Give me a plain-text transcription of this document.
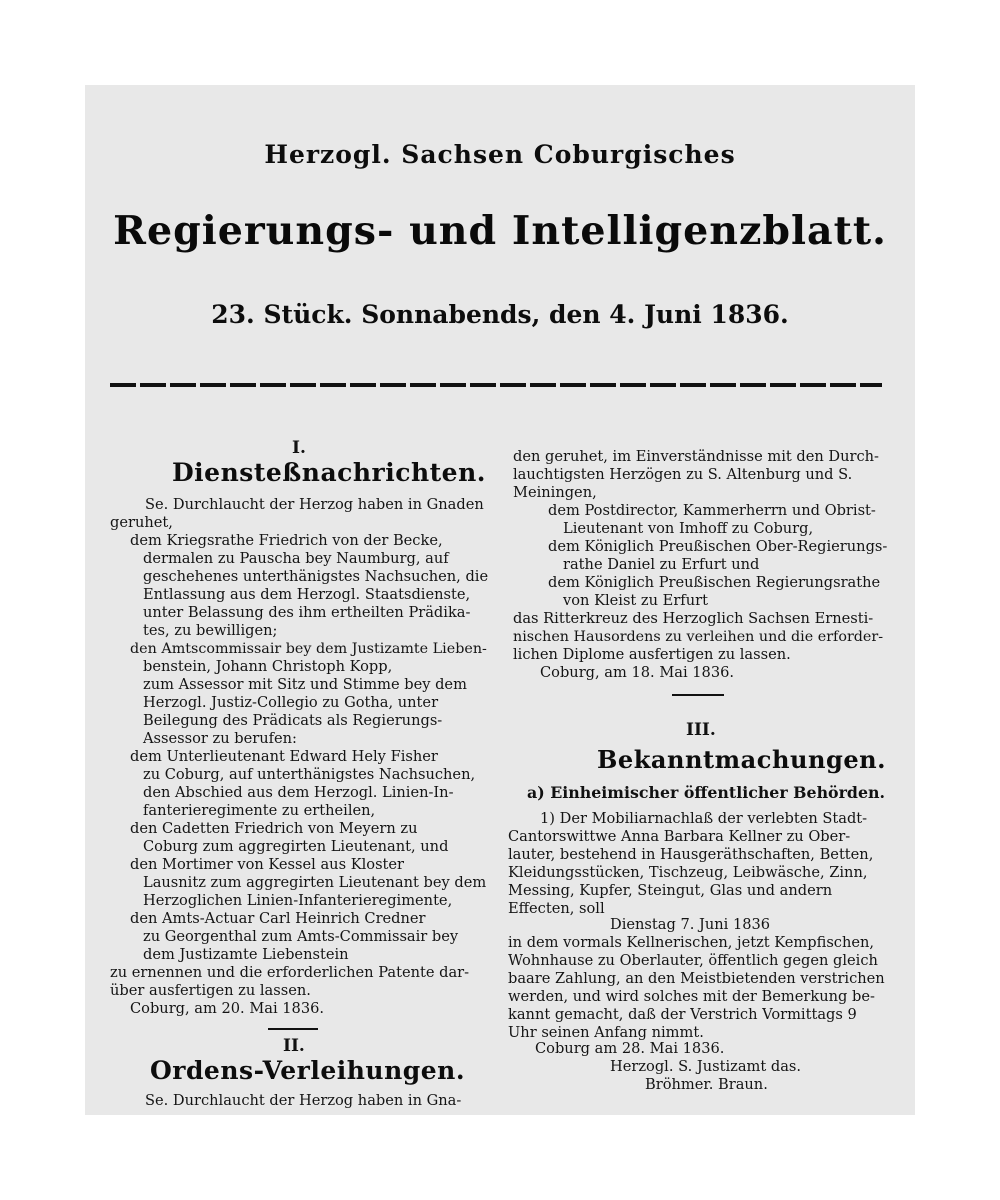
Herzogl. Sachsen Coburgisches
Regierungs- und Intelligenzblatt.
23. Stück. Sonnabends, den 4. Juni 1836.
I.
Diensteßnachrichten.
Se. Durchlaucht der Herzog haben in Gnaden
geruhet,
dem Kriegsrathe Friedrich von der Becke,
dermalen zu Pauscha bey Naumburg, auf
geschehenes unterthänigstes Nachsuchen, die
Entlassung aus dem Herzogl. Staatsdienste,
unter Belassung des ihm ertheilten Prädika-
tes, zu bewilligen;
den Amtscommissair bey dem Justizamte Lieben-
benstein, Johann Christoph Kopp,
zum Assessor mit Sitz und Stimme bey dem
Herzogl. Justiz-Collegio zu Gotha, unter
Beilegung des Prädicats als Regierungs-
Assessor zu berufen:
dem Unterlieutenant Edward Hely Fisher
zu Coburg, auf unterthänigstes Nachsuchen,
den Abschied aus dem Herzogl. Linien-In-
fanterieregimente zu ertheilen,
den Cadetten Friedrich von Meyern zu
Coburg zum aggregirten Lieutenant, und
den Mortimer von Kessel aus Kloster
Lausnitz zum aggregirten Lieutenant bey dem
Herzoglichen Linien-Infanterieregimente,
den Amts-Actuar Carl Heinrich Credner
zu Georgenthal zum Amts-Commissair bey
dem Justizamte Liebenstein
zu ernennen und die erforderlichen Patente dar-
über ausfertigen zu lassen.
Coburg, am 20. Mai 1836.
II.
Ordens-Verleihungen.
Se. Durchlaucht der Herzog haben in Gna-
den geruhet, im Einverständnisse mit den Durch-
lauchtigsten Herzögen zu S. Altenburg und S.
Meiningen,
dem Postdirector, Kammerherrn und Obrist-
Lieutenant von Imhoff zu Coburg,
dem Königlich Preußischen Ober-Regierungs-
rathe Daniel zu Erfurt und
dem Königlich Preußischen Regierungsrathe
von Kleist zu Erfurt
das Ritterkreuz des Herzoglich Sachsen Ernesti-
nischen Hausordens zu verleihen und die erforder-
lichen Diplome ausfertigen zu lassen.
Coburg, am 18. Mai 1836.
III.
Bekanntmachungen.
a) Einheimischer öffentlicher Behörden.
1) Der Mobiliarnachlaß der verlebten Stadt-
Cantorswittwe Anna Barbara Kellner zu Ober-
lauter, bestehend in Hausgeräthschaften, Betten,
Kleidungsstücken, Tischzeug, Leibwäsche, Zinn,
Messing, Kupfer, Steingut, Glas und andern
Effecten, soll
Dienstag 7. Juni 1836
in dem vormals Kellnerischen, jetzt Kempfischen,
Wohnhause zu Oberlauter, öffentlich gegen gleich
baare Zahlung, an den Meistbietenden verstrichen
werden, und wird solches mit der Bemerkung be-
kannt gemacht, daß der Verstrich Vormittags 9
Uhr seinen Anfang nimmt.
Coburg am 28. Mai 1836.
Herzogl. S. Justizamt das.
Bröhmer. Braun.
